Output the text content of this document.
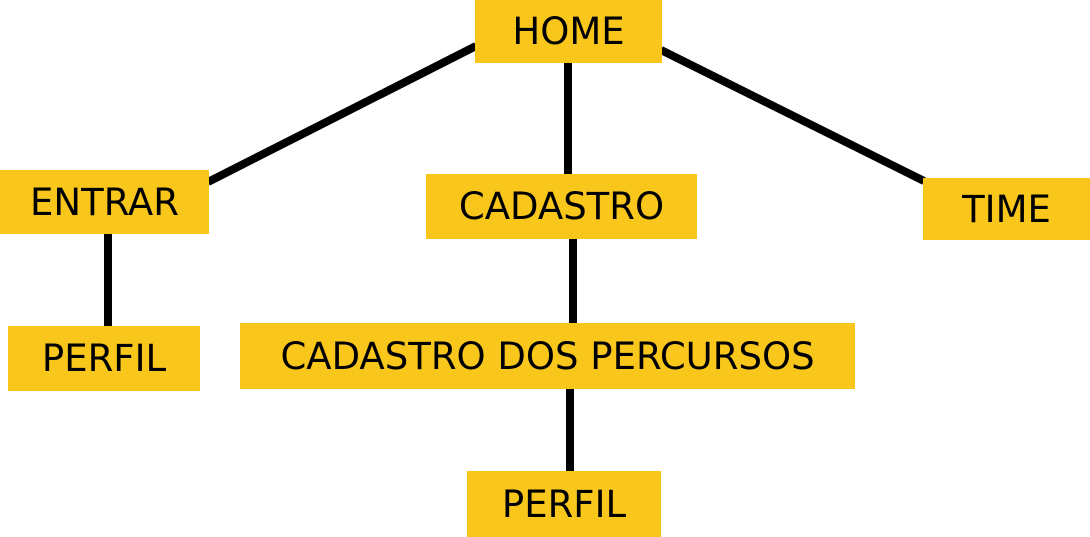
HOME
ENTRAR	CADASTRO	TIME
PERFIL	CADASTRO DOS PERCURSOS
PERFIL
